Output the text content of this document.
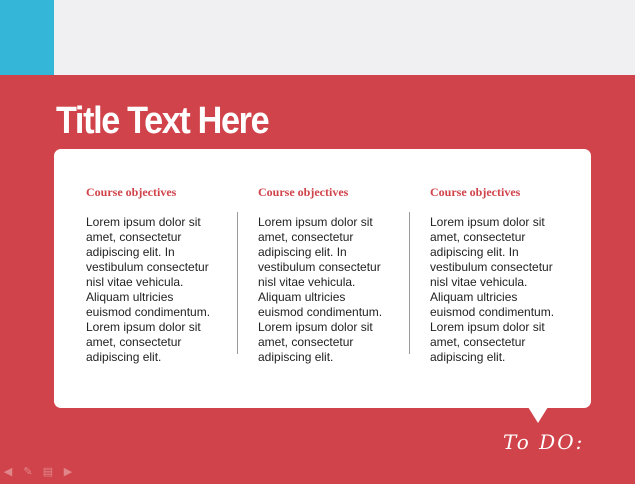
Title Text Here

Course objectives

Lorem ipsum dolor sit amet, consectetur adipiscing elit. In vestibulum consectetur nisl vitae vehicula. Aliquam ultricies euismod condimentum. Lorem ipsum dolor sit amet, consectetur adipiscing elit.

Course objectives

Lorem ipsum dolor sit amet, consectetur adipiscing elit. In vestibulum consectetur nisl vitae vehicula. Aliquam ultricies euismod condimentum. Lorem ipsum dolor sit amet, consectetur adipiscing elit.

Course objectives

Lorem ipsum dolor sit amet, consectetur adipiscing elit. In vestibulum consectetur nisl vitae vehicula. Aliquam ultricies euismod condimentum. Lorem ipsum dolor sit amet, consectetur adipiscing elit.

To DO:
◀	✎ ▤ ▶
